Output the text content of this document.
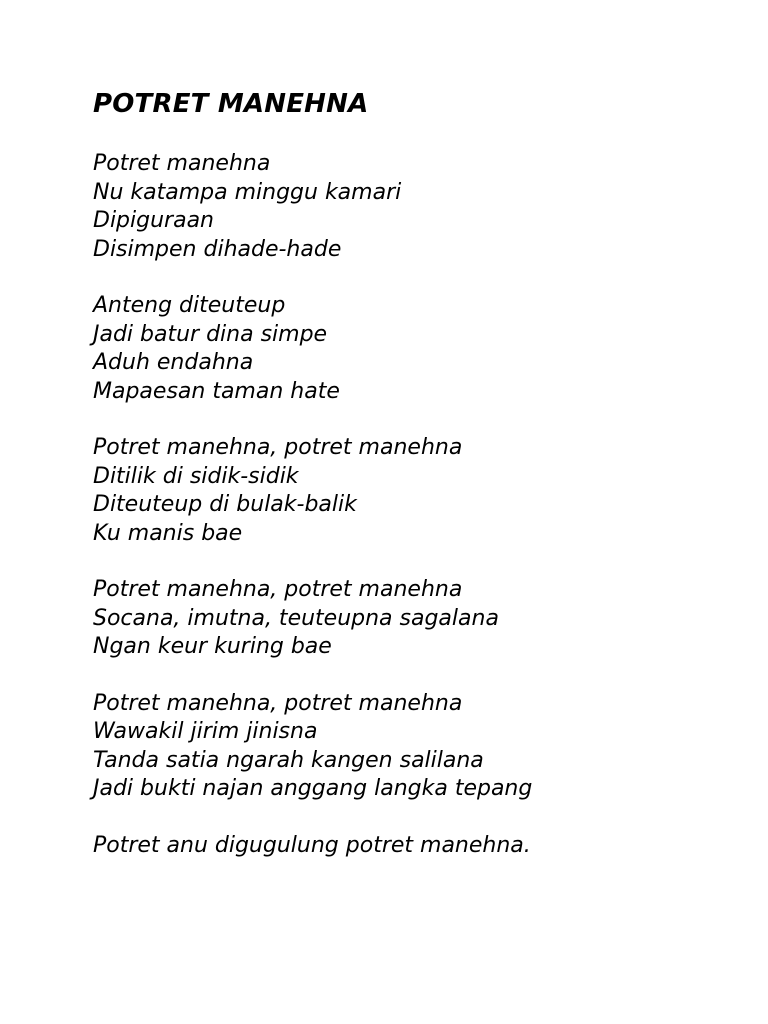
POTRET MANEHNA
Potret manehna
Nu katampa minggu kamari
Dipiguraan
Disimpen dihade-hade
Anteng diteuteup
Jadi batur dina simpe
Aduh endahna
Mapaesan taman hate
Potret manehna, potret manehna
Ditilik di sidik-sidik
Diteuteup di bulak-balik
Ku manis bae
Potret manehna, potret manehna
Socana, imutna, teuteupna sagalana
Ngan keur kuring bae
Potret manehna, potret manehna
Wawakil jirim jinisna
Tanda satia ngarah kangen salilana
Jadi bukti najan anggang langka tepang
Potret anu digugulung potret manehna.
